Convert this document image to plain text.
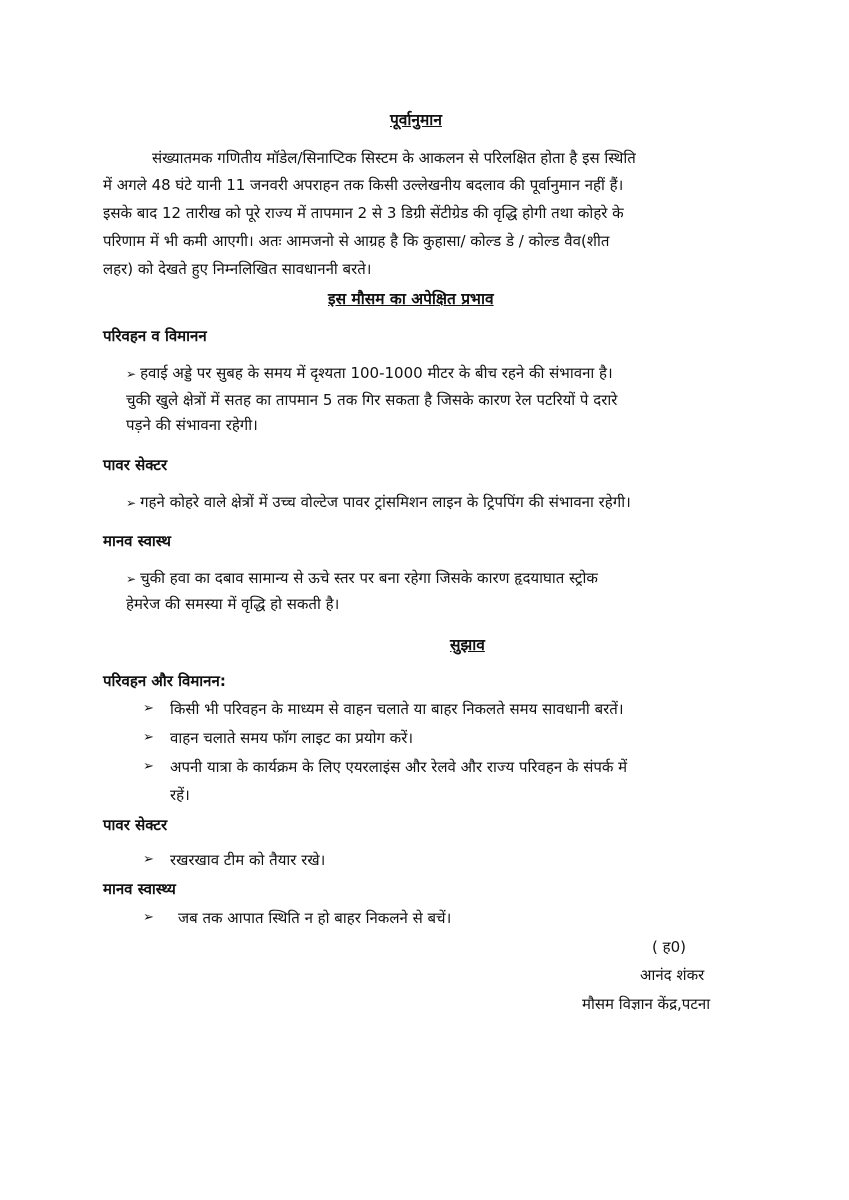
पूर्वानुमान
संख्यातमक गणितीय मॉडेल/सिनाप्टिक सिस्टम के आकलन से परिलक्षित होता है इस स्थिति
में अगले 48 घंटे यानी 11 जनवरी अपराहन तक किसी उल्लेखनीय बदलाव की पूर्वानुमान नहीं हैं।
इसके बाद 12 तारीख को पूरे राज्य में तापमान 2 से 3 डिग्री सेंटीग्रेड की वृद्धि होगी तथा कोहरे के
परिणाम में भी कमी आएगी। अतः आमजनो से आग्रह है कि कुहासा/ कोल्ड डे / कोल्ड वैव(शीत
लहर) को देखते हुए निम्नलिखित सावधाननी बरते।
इस मौसम का अपेक्षित प्रभाव
परिवहन व विमानन
➢ हवाई अड्डे पर सुबह के समय में दृश्यता 100-1000 मीटर के बीच रहने की संभावना है।
चुकी खुले क्षेत्रों में सतह का तापमान 5 तक गिर सकता है जिसके कारण रेल पटरियों पे दरारे
पड़ने की संभावना रहेगी।
पावर सेक्टर
➢ गहने कोहरे वाले क्षेत्रों में उच्च वोल्टेज पावर ट्रांसमिशन लाइन के ट्रिपपिंग की संभावना रहेगी।
मानव स्वास्थ
➢ चुकी हवा का दबाव सामान्य से ऊचे स्तर पर बना रहेगा जिसके कारण हृदयाघात स्ट्रोक
हेमरेज की समस्या में वृद्धि हो सकती है।
सुझाव
परिवहन और विमानन:
➢ किसी भी परिवहन के माध्यम से वाहन चलाते या बाहर निकलते समय सावधानी बरतें।
➢ वाहन चलाते समय फॉग लाइट का प्रयोग करें।
➢ अपनी यात्रा के कार्यक्रम के लिए एयरलाइंस और रेलवे और राज्य परिवहन के संपर्क में
रहें।
पावर सेक्टर
➢ रखरखाव टीम को तैयार रखे।
मानव स्वास्थ्य
➢ जब तक आपात स्थिति न हो बाहर निकलने से बचें।
( ह0)
आनंद शंकर
मौसम विज्ञान केंद्र,पटना
